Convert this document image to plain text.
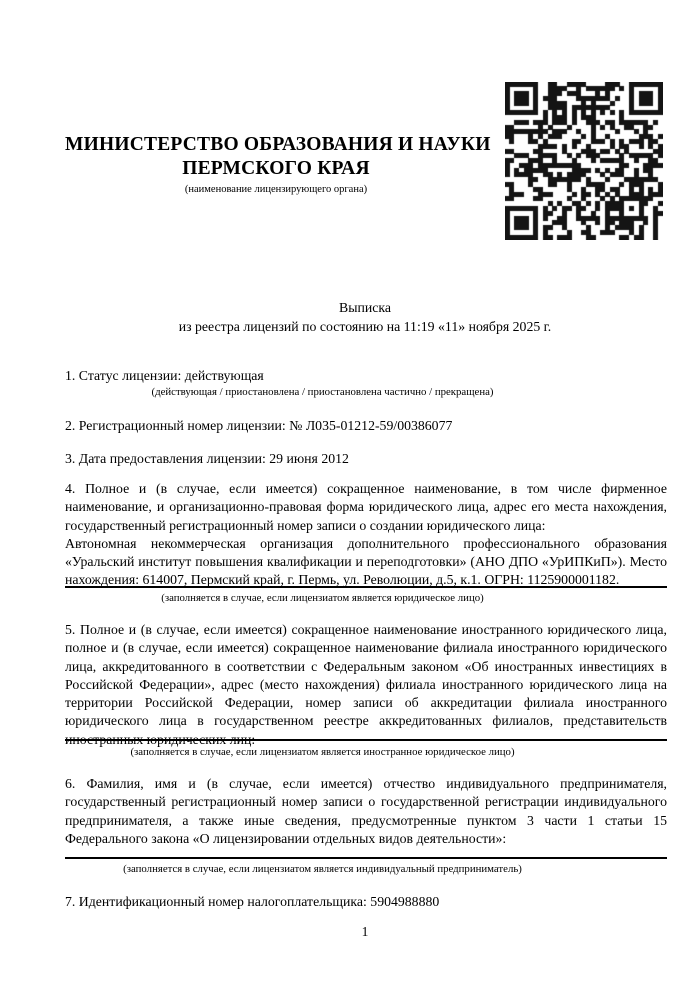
МИНИСТЕРСТВО ОБРАЗОВАНИЯ И НАУКИ
ПЕРМСКОГО КРАЯ
(наименование лицензирующего органа)
Выписка
из реестра лицензий по состоянию на 11:19 «11» ноября 2025 г.
1. Статус лицензии: действующая
(действующая / приостановлена / приостановлена частично / прекращена)
2. Регистрационный номер лицензии: № Л035-01212-59/00386077
3. Дата предоставления лицензии: 29 июня 2012

4. Полное и (в случае, если имеется) сокращенное наименование, в том числе фирменное наименование, и организационно-правовая форма юридического лица, адрес его места нахождения, государственный регистрационный номер записи о создании юридического лица:

Автономная некоммерческая организация дополнительного профессионального образования «Уральский институт повышения квалификации и переподготовки» (АНО ДПО «УрИПКиП»). Место нахождения: 614007, Пермский край, г. Пермь, ул. Революции, д.5, к.1. ОГРН: 1125900001182.

(заполняется в случае, если лицензиатом является юридическое лицо)
5. Полное и (в случае, если имеется) сокращенное наименование иностранного юридического лица, полное и (в случае, если имеется) сокращенное наименование филиала иностранного юридического лица, аккредитованного в соответствии с Федеральным законом «Об иностранных инвестициях в Российской Федерации», адрес (место нахождения) филиала иностранного юридического лица на территории Российской Федерации, номер записи об аккредитации филиала иностранного юридического лица в государственном реестре аккредитованных филиалов, представительств иностранных юридических лиц:
(заполняется в случае, если лицензиатом является иностранное юридическое лицо)
6. Фамилия, имя и (в случае, если имеется) отчество индивидуального предпринимателя, государственный регистрационный номер записи о государственной регистрации индивидуального предпринимателя, а также иные сведения, предусмотренные пунктом 3 части 1 статьи 15 Федерального закона «О лицензировании отдельных видов деятельности»:
(заполняется в случае, если лицензиатом является индивидуальный предприниматель)
7. Идентификационный номер налогоплательщика: 5904988880
1
